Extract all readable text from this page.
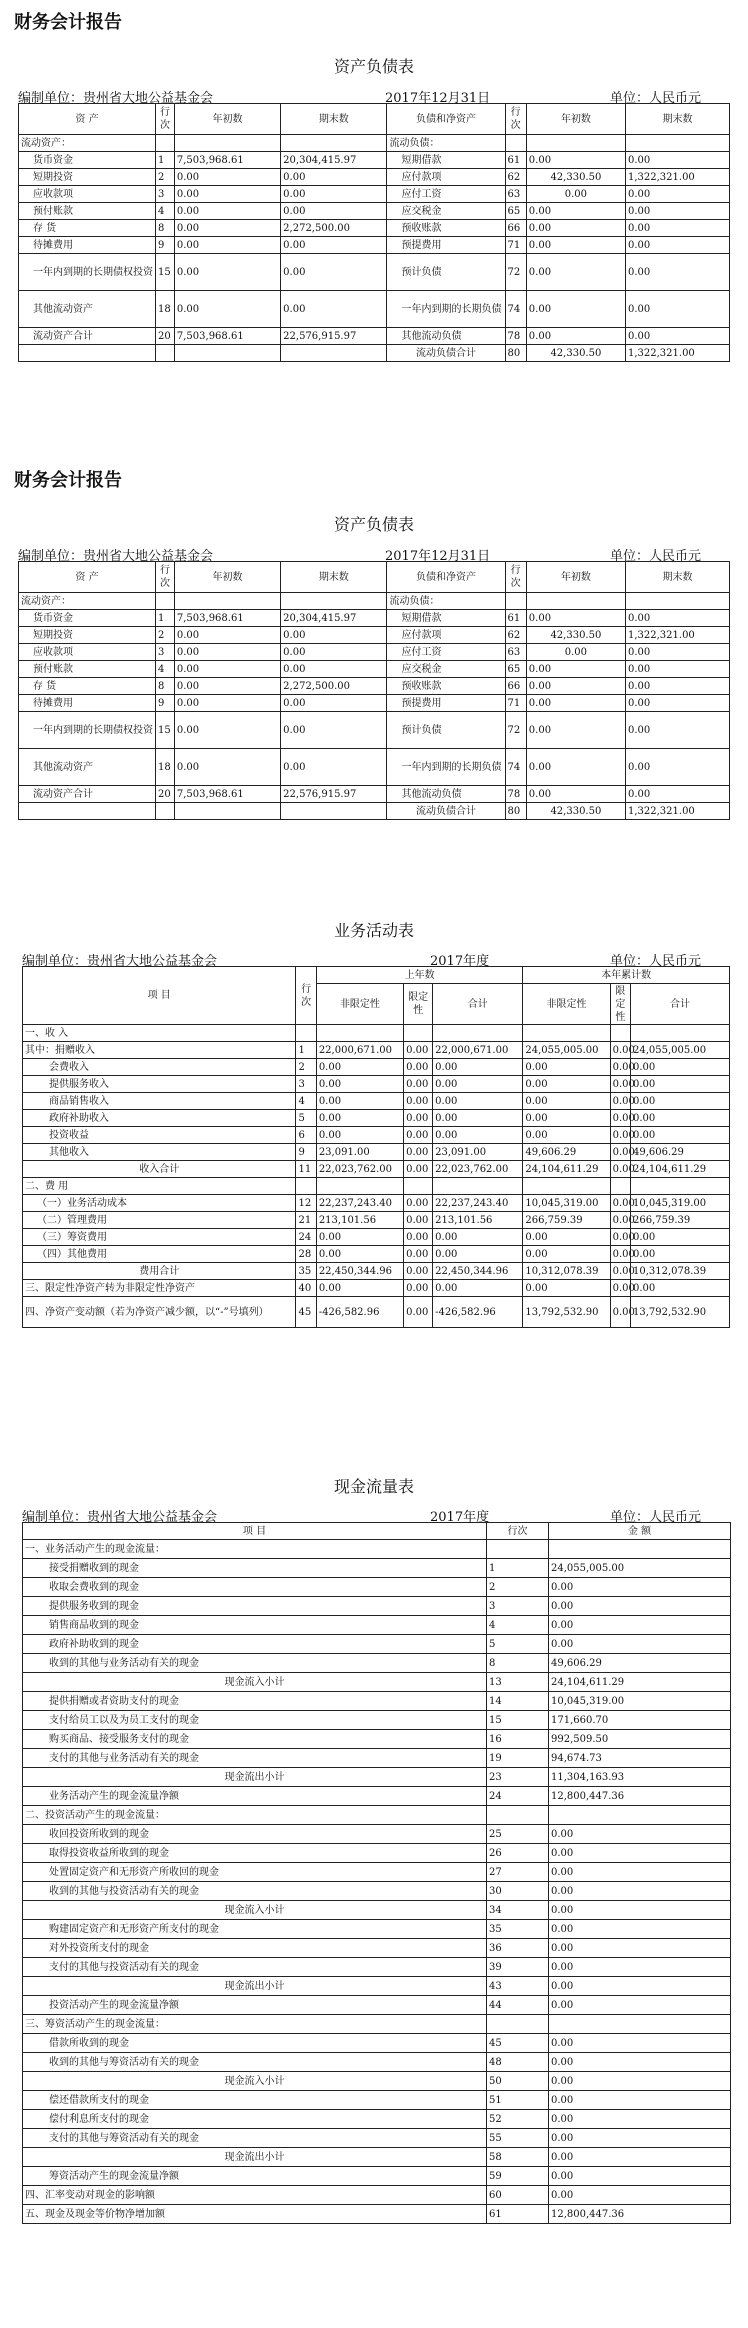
财务会计报告
资产负债表
编制单位：贵州省大地公益基金会	2017年12月31日	单位：人民币元
资 产	行次	年初数	期末数	负债和净资产	行次	年初数	期末数
流动资产：				流动负债：			
货币资金	1	7,503,968.61	20,304,415.97	短期借款	61	0.00	0.00
短期投资	2	0.00	0.00	应付款项	62	42,330.50	1,322,321.00
应收款项	3	0.00	0.00	应付工资	63	0.00	0.00
预付账款	4	0.00	0.00	应交税金	65	0.00	0.00
存 货	8	0.00	2,272,500.00	预收账款	66	0.00	0.00
待摊费用	9	0.00	0.00	预提费用	71	0.00	0.00
一年内到期的长期债权投资	15	0.00	0.00	预计负债	72	0.00	0.00
其他流动资产	18	0.00	0.00	一年内到期的长期负债	74	0.00	0.00
流动资产合计	20	7,503,968.61	22,576,915.97	其他流动负债	78	0.00	0.00
				流动负债合计	80	42,330.50	1,322,321.00
财务会计报告
资产负债表
编制单位：贵州省大地公益基金会	2017年12月31日	单位：人民币元
资 产	行次	年初数	期末数	负债和净资产	行次	年初数	期末数
流动资产：				流动负债：			
货币资金	1	7,503,968.61	20,304,415.97	短期借款	61	0.00	0.00
短期投资	2	0.00	0.00	应付款项	62	42,330.50	1,322,321.00
应收款项	3	0.00	0.00	应付工资	63	0.00	0.00
预付账款	4	0.00	0.00	应交税金	65	0.00	0.00
存 货	8	0.00	2,272,500.00	预收账款	66	0.00	0.00
待摊费用	9	0.00	0.00	预提费用	71	0.00	0.00
一年内到期的长期债权投资	15	0.00	0.00	预计负债	72	0.00	0.00
其他流动资产	18	0.00	0.00	一年内到期的长期负债	74	0.00	0.00
流动资产合计	20	7,503,968.61	22,576,915.97	其他流动负债	78	0.00	0.00
				流动负债合计	80	42,330.50	1,322,321.00
业务活动表
编制单位：贵州省大地公益基金会	2017年度	单位：人民币元
项 目	行次	上年数			本年累计数		
		非限定性	限定性	合计	非限定性	限定性	合计
一、收 入							
其中：捐赠收入	1	22,000,671.00	0.00	22,000,671.00	24,055,005.00	0.00	24,055,005.00
会费收入	2	0.00	0.00	0.00	0.00	0.00	0.00
提供服务收入	3	0.00	0.00	0.00	0.00	0.00	0.00
商品销售收入	4	0.00	0.00	0.00	0.00	0.00	0.00
政府补助收入	5	0.00	0.00	0.00	0.00	0.00	0.00
投资收益	6	0.00	0.00	0.00	0.00	0.00	0.00
其他收入	9	23,091.00	0.00	23,091.00	49,606.29	0.00	49,606.29
收入合计	11	22,023,762.00	0.00	22,023,762.00	24,104,611.29	0.00	24,104,611.29
二、费 用							
（一）业务活动成本	12	22,237,243.40	0.00	22,237,243.40	10,045,319.00	0.00	10,045,319.00
（二）管理费用	21	213,101.56	0.00	213,101.56	266,759.39	0.00	266,759.39
（三）筹资费用	24	0.00	0.00	0.00	0.00	0.00	0.00
（四）其他费用	28	0.00	0.00	0.00	0.00	0.00	0.00
费用合计	35	22,450,344.96	0.00	22,450,344.96	10,312,078.39	0.00	10,312,078.39
三、限定性净资产转为非限定性净资产	40	0.00	0.00	0.00	0.00	0.00	0.00
四、净资产变动额（若为净资产减少额，以“-”号填列）	45	-426,582.96	0.00	-426,582.96	13,792,532.90	0.00	13,792,532.90
现金流量表
编制单位：贵州省大地公益基金会	2017年度	单位：人民币元
项 目	行次	金 额
一、业务活动产生的现金流量：		
接受捐赠收到的现金	1	24,055,005.00
收取会费收到的现金	2	0.00
提供服务收到的现金	3	0.00
销售商品收到的现金	4	0.00
政府补助收到的现金	5	0.00
收到的其他与业务活动有关的现金	8	49,606.29
现金流入小计	13	24,104,611.29
提供捐赠或者资助支付的现金	14	10,045,319.00
支付给员工以及为员工支付的现金	15	171,660.70
购买商品、接受服务支付的现金	16	992,509.50
支付的其他与业务活动有关的现金	19	94,674.73
现金流出小计	23	11,304,163.93
业务活动产生的现金流量净额	24	12,800,447.36
二、投资活动产生的现金流量：		
收回投资所收到的现金	25	0.00
取得投资收益所收到的现金	26	0.00
处置固定资产和无形资产所收回的现金	27	0.00
收到的其他与投资活动有关的现金	30	0.00
现金流入小计	34	0.00
购建固定资产和无形资产所支付的现金	35	0.00
对外投资所支付的现金	36	0.00
支付的其他与投资活动有关的现金	39	0.00
现金流出小计	43	0.00
投资活动产生的现金流量净额	44	0.00
三、筹资活动产生的现金流量：		
借款所收到的现金	45	0.00
收到的其他与筹资活动有关的现金	48	0.00
现金流入小计	50	0.00
偿还借款所支付的现金	51	0.00
偿付利息所支付的现金	52	0.00
支付的其他与筹资活动有关的现金	55	0.00
现金流出小计	58	0.00
筹资活动产生的现金流量净额	59	0.00
四、汇率变动对现金的影响额	60	0.00
五、现金及现金等价物净增加额	61	12,800,447.36
